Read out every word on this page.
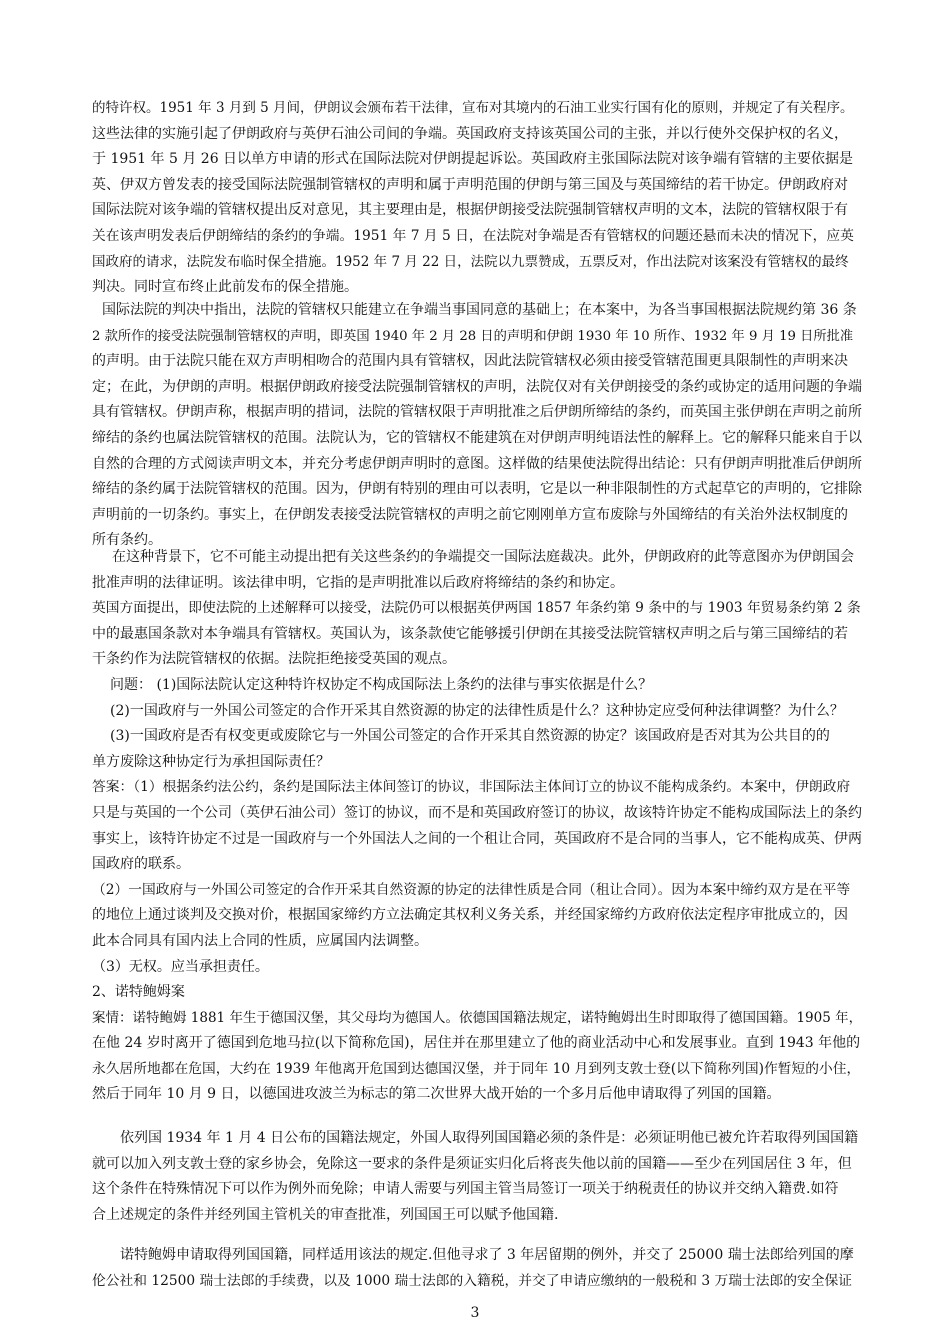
的特许权。1951 年 3 月到 5 月间，伊朗议会颁布若干法律，宣布对其境内的石油工业实行国有化的原则，并规定了有关程序。
这些法律的实施引起了伊朗政府与英伊石油公司间的争端。英国政府支持该英国公司的主张，并以行使外交保护权的名义，
于 1951 年 5 月 26 日以单方申请的形式在国际法院对伊朗提起诉讼。英国政府主张国际法院对该争端有管辖的主要依据是
英、伊双方曾发表的接受国际法院强制管辖权的声明和属于声明范围的伊朗与第三国及与英国缔结的若干协定。伊朗政府对
国际法院对该争端的管辖权提出反对意见，其主要理由是，根据伊朗接受法院强制管辖权声明的文本，法院的管辖权限于有
关在该声明发表后伊朗缔结的条约的争端。1951 年 7 月 5 日，在法院对争端是否有管辖权的问题还悬而未决的情况下，应英
国政府的请求，法院发布临时保全措施。1952 年 7 月 22 日，法院以九票赞成，五票反对，作出法院对该案没有管辖权的最终
判决。同时宣布终止此前发布的保全措施。
国际法院的判决中指出，法院的管辖权只能建立在争端当事国同意的基础上；在本案中，为各当事国根据法院规约第 36 条
2 款所作的接受法院强制管辖权的声明，即英国 1940 年 2 月 28 日的声明和伊朗 1930 年 10 所作、1932 年 9 月 19 日所批准
的声明。由于法院只能在双方声明相吻合的范围内具有管辖权，因此法院管辖权必须由接受管辖范围更具限制性的声明来决
定；在此，为伊朗的声明。根据伊朗政府接受法院强制管辖权的声明，法院仅对有关伊朗接受的条约或协定的适用问题的争端
具有管辖权。伊朗声称，根据声明的措词，法院的管辖权限于声明批准之后伊朗所缔结的条约，而英国主张伊朗在声明之前所
缔结的条约也属法院管辖权的范围。法院认为，它的管辖权不能建筑在对伊朗声明纯语法性的解释上。它的解释只能来自于以
自然的合理的方式阅读声明文本，并充分考虑伊朗声明时的意图。这样做的结果使法院得出结论：只有伊朗声明批准后伊朗所
缔结的条约属于法院管辖权的范围。因为，伊朗有特别的理由可以表明，它是以一种非限制性的方式起草它的声明的，它排除
声明前的一切条约。事实上，在伊朗发表接受法院管辖权的声明之前它刚刚单方宣布废除与外国缔结的有关治外法权制度的
所有条约。
在这种背景下，它不可能主动提出把有关这些条约的争端提交一国际法庭裁决。此外，伊朗政府的此等意图亦为伊朗国会
批准声明的法律证明。该法律申明，它指的是声明批准以后政府将缔结的条约和协定。
英国方面提出，即使法院的上述解释可以接受，法院仍可以根据英伊两国 1857 年条约第 9 条中的与 1903 年贸易条约第 2 条
中的最惠国条款对本争端具有管辖权。英国认为，该条款使它能够援引伊朗在其接受法院管辖权声明之后与第三国缔结的若
干条约作为法院管辖权的依据。法院拒绝接受英国的观点。
问题： (1)国际法院认定这种特许权协定不构成国际法上条约的法律与事实依据是什么？
(2)一国政府与一外国公司签定的合作开采其自然资源的协定的法律性质是什么？这种协定应受何种法律调整？为什么？
(3)一国政府是否有权变更或废除它与一外国公司签定的合作开采其自然资源的协定？该国政府是否对其为公共目的的
单方废除这种协定行为承担国际责任？
答案：（1）根据条约法公约，条约是国际法主体间签订的协议，非国际法主体间订立的协议不能构成条约。本案中，伊朗政府
只是与英国的一个公司（英伊石油公司）签订的协议，而不是和英国政府签订的协议，故该特许协定不能构成国际法上的条约
事实上，该特许协定不过是一国政府与一个外国法人之间的一个租让合同，英国政府不是合同的当事人，它不能构成英、伊两
国政府的联系。
（2）一国政府与一外国公司签定的合作开采其自然资源的协定的法律性质是合同（租让合同）。因为本案中缔约双方是在平等
的地位上通过谈判及交换对价，根据国家缔约方立法确定其权利义务关系，并经国家缔约方政府依法定程序审批成立的，因
此本合同具有国内法上合同的性质，应属国内法调整。
（3）无权。应当承担责任。
2、诺特鲍姆案
案情：诺特鲍姆 1881 年生于德国汉堡，其父母均为德国人。依德国国籍法规定，诺特鲍姆出生时即取得了德国国籍。1905 年，
在他 24 岁时离开了德国到危地马拉(以下简称危国)，居住并在那里建立了他的商业活动中心和发展事业。直到 1943 年他的
永久居所地都在危国，大约在 1939 年他离开危国到达德国汉堡，并于同年 10 月到列支敦士登(以下简称列国)作暂短的小住，
然后于同年 10 月 9 日，以德国进攻波兰为标志的第二次世界大战开始的一个多月后他申请取得了列国的国籍。
依列国 1934 年 1 月 4 日公布的国籍法规定，外国人取得列国国籍必须的条件是：必须证明他已被允许若取得列国国籍
就可以加入列支敦士登的家乡协会，免除这一要求的条件是须证实归化后将丧失他以前的国籍——至少在列国居住 3 年，但
这个条件在特殊情况下可以作为例外而免除；申请人需要与列国主管当局签订一项关于纳税责任的协议并交纳入籍费.如符
合上述规定的条件并经列国主管机关的审查批准，列国国王可以赋予他国籍.
诺特鲍姆申请取得列国国籍，同样适用该法的规定.但他寻求了 3 年居留期的例外，并交了 25000 瑞士法郎给列国的摩
伦公社和 12500 瑞士法郎的手续费，以及 1000 瑞士法郎的入籍税，并交了申请应缴纳的一般税和 3 万瑞士法郎的安全保证
3
